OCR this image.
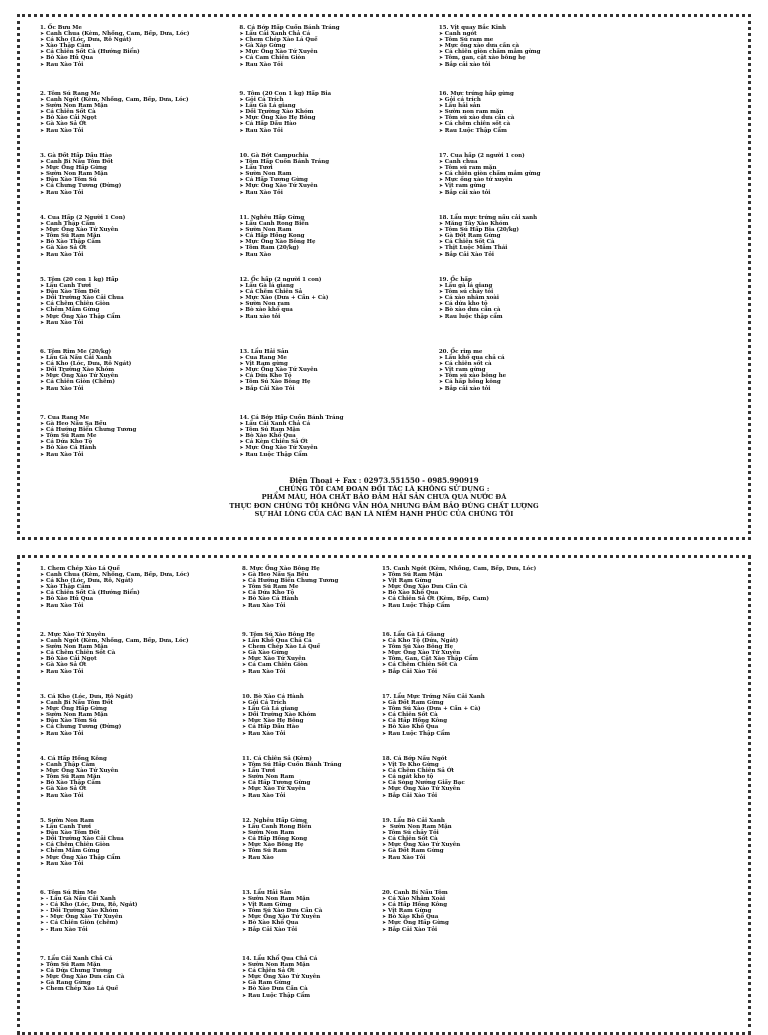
1. Ốc Bưu Me
➤ Canh Chua (Kèm, Nhồng, Cam, Bếp, Dưa, Lóc)
➤ Cá Kho (Lóc, Dưa, Rô Ngát)
➤ Xào Thập Cẩm
➤ Cá Chiên Sốt Cà (Hướng Biển)
➤ Bò Xào Hủ Qua
➤ Rau Xào Tỏi
2. Tôm Sú Rang Me
➤ Canh Ngót (Kèm, Nhồng, Cam, Bếp, Dưa, Lóc)
➤ Sườn Non Ram Mặn
➤ Cá Chiên Sốt Cà
➤ Bò Xào Cải Ngọt
➤ Gà Xào Sả Ớt
➤ Rau Xào Tỏi
3. Gà Đốt Hấp Dầu Hào
➤ Canh Bí Nấu Tôm Đốt
➤ Mực Ống Hấp Gừng
➤ Sườn Non Ram Mặn
➤ Đậu Xào Tôm Sú
➤ Cá Chưng Tương (Đừng)
➤ Rau Xào Tỏi
4. Cua Hấp (2 Người 1 Con)
➤ Canh Thập Cẩm
➤ Mực Ống Xào Tứ Xuyên
➤ Tôm Sú Ram Mặn
➤ Bò Xào Thập Cẩm
➤ Gà Xào Sả Ớt
➤ Rau Xào Tỏi
5. Tôm (20 con 1 kg) Hấp
➤ Lẩu Canh Tươi
➤ Đậu Xào Tôm Đốt
➤ Dồi Trường Xào Cải Chua
➤ Cá Chẽm Chiên Giòn
➤ Chẻm Mắm Gừng
➤ Mực Ống Xào Thập Cẩm
➤ Rau Xào Tỏi
6. Tôm Rim Me (20/kg)
➤ Lẩu Gà Nấu Cải Xanh
➤ Cá Kho (Lóc, Dưa, Rô Ngát)
➤ Dồi Trường Xào Khóm
➤ Mực Ống Xào Tứ Xuyên
➤ Cá Chiên Giòn (Chẽm)
➤ Rau Xào Tỏi
7. Cua Rang Me
➤ Gà Heo Nấu Sa Bếu
➤ Cá Hướng Biển Chưng Tương
➤ Tôm Sú Ram Me
➤ Cá Dứa Kho Tộ
➤ Bò Xào Cá Hành
➤ Rau Xào Tỏi
8. Cá Bớp Hấp Cuốn Bánh Tráng
➤ Lẩu Cải Xanh Chả Cá
➤ Chem Chép Xào Lá Quế
➤ Gà Xào Gừng
➤ Mực Ống Xào Tứ Xuyên
➤ Cá Cam Chiên Giòn
➤ Rau Xào Tỏi
9. Tôm (20 Con 1 kg) Hấp Bia
➤ Gỏi Cá Trích
➤ Lẩu Gà Lá giang
➤ Dồi Trường Xào Khóm
➤ Mực Ống Xào Hẹ Bông
➤ Cá Hấp Dầu Hào
➤ Rau Xào Tỏi
10. Gà Bớt Campuchia
➤ Tôm Hấp Cuốn Bánh Tráng
➤ Lẩu Tươi
➤ Sườn Non Ram
➤ Cá Hấp Tương Gừng
➤ Mực Ống Xào Tứ Xuyên
➤ Rau Xào Tỏi
11. Nghêu Hấp Gừng
➤ Lẩu Canh Rong Biển
➤ Sườn Non Ram
➤ Cá Hấp Hồng Kong
➤ Mực Ống Xào Bông Hẹ
➤ Tôm Ram (20/kg)
➤ Rau Xào
12. Ốc hấp (2 người 1 con)
➤ Lẩu Gà lá giang
➤ Cá Chẽm Chiên Sả
➤ Mực Xào (Dưa + Cần + Cà)
➤ Sườn Non ram
➤ Bò xào khổ qua
➤ Rau xào tỏi
13. Lẩu Hải Sản
➤ Cua Rang Me
➤ Vịt Ram gừng
➤ Mực Ống Xào Tứ Xuyên
➤ Cá Dứa Kho Tộ
➤ Tôm Sú Xào Bông Hẹ
➤ Bắp Cải Xào Tỏi
14. Cá Bớp Hấp Cuốn Bánh Tráng
➤ Lẩu Cải Xanh Chả Cá
➤ Tôm Sú Ram Mặn
➤ Bò Xào Khổ Qua
➤ Cá Kèm Chiên Sả Ớt
➤ Mực Ống Xào Tứ Xuyên
➤ Rau Luộc Thập Cẩm
15. Vịt quay Bắc Kinh
➤ Canh ngót
➤ Tôm Sú ram me
➤ Mực ống xào dưa cần cà
➤ Cá chiên giòn chấm mắm gừng
➤ Tôm, gan, cật xào bông hẹ
➤ Bắp cải xào tỏi
16. Mực trứng hấp gừng
➤ Gỏi cá trích
➤ Lẩu hải sản
➤ Sườn non ram mặn
➤ Tôm sú xào dưa cần cà
➤ Cá chẽm chiên sốt cà
➤ Rau Luộc Thập Cẩm
17. Cua hấp (2 người 1 con)
➤ Canh chua
➤ Tôm sú ram mặn
➤ Cá chiên giòn chấm mắm gừng
➤ Mực ống xào tứ xuyên
➤ Vịt ram gừng
➤ Bắp cải xào tỏi
18. Lẩu mực trứng nấu cải xanh
➤ Măng Tây Xào Khóm
➤ Tôm Sú Hấp Bia (20/kg)
➤ Gà Đốt Ram Gừng
➤ Cá Chiên Sốt Cà
➤ Thịt Luộc Mắm Thái
➤ Bắp Cải Xào Tỏi
19. Ốc hấp
➤ Lẩu gà lá giang
➤ Tôm sú chảy tỏi
➤ Cá xào nhâm xoài
➤ Cá dứa kho tộ
➤ Bò xào dưa cần cà
➤ Rau luộc thập cẩm
20. Ốc rim me
➤ Lẩu khổ qua chả cá
➤ Cá chiên sốt cà
➤ Vịt ram gừng
➤ Tôm sú xào bông he
➤ Cá hấp hồng kông
➤ Bắp cải xào tỏi
Điện Thoại + Fax : 02973.551550 - 0985.990919
CHÚNG TÔI CAM ĐOAN ĐỐI TÁC LÀ KHÔNG SỬ DỤNG :
PHẨM MÀU, HÓA CHẤT BẢO ĐẢM HẢI SẢN CHƯA QUA NƯỚC ĐÁ
THỰC ĐƠN CHÚNG TÔI KHÔNG VẪN HÓA NHƯNG ĐẢM BẢO ĐÚNG CHẤT LƯỢNG
SỰ HÀI LÒNG CỦA CÁC BẠN LÀ NIỀM HẠNH PHÚC CỦA CHÚNG TÔI
1. Chem Chép Xào Lá Quế
➤ Canh Chua (Kèm, Nhồng, Cam, Bếp, Dưa, Lóc)
➤ Cá Kho (Lóc, Dưa, Rô, Ngát)
➤ Xào Thập Cẩm
➤ Cá Chiên Sốt Cà (Hướng Biển)
➤ Bò Xào Hủ Qua
➤ Rau Xào Tỏi
2. Mực Xào Tứ Xuyên
➤ Canh Ngót (Kèm, Nhồng, Cam, Bếp, Dưa, Lóc)
➤ Sườn Non Ram Mặn
➤ Cá Chẽm Chiên Sốt Cà
➤ Bò Xào Cải Ngọt
➤ Gà Xào Sả Ớt
➤ Rau Xào Tỏi
3. Cá Kho (Lóc, Dưa, Rô Ngát)
➤ Canh Bí Nấu Tôm Đốt
➤ Mực Ống Hấp Gừng
➤ Sườn Non Ram Mặn
➤ Đậu Xào Tôm Sú
➤ Cá Chưng Tương (Đừng)
➤ Rau Xào Tỏi
4. Cá Hấp Hồng Kông
➤ Canh Thập Cẩm
➤ Mực Ống Xào Tứ Xuyên
➤ Tôm Sú Ram Mặn
➤ Bò Xào Thập Cẩm
➤ Gà Xào Sả Ớt
➤ Rau Xào Tỏi
5. Sườn Non Ram
➤ Lẩu Canh Tươi
➤ Đậu Xào Tôm Đốt
➤ Dồi Trường Xào Cải Chua
➤ Cá Chẽm Chiên Giòn
➤ Chẻm Mắm Gừng
➤ Mực Ống Xào Thập Cẩm
➤ Rau Xào Tỏi
6. Tôm Sú Rim Me
➤ - Lẩu Gà Nấu Cải Xanh
➤ - Cá Kho (Lóc, Dưa, Rô, Ngát)
➤ - Dồi Trường Xào Khóm
➤ - Mực Ống Xào Tứ Xuyên
➤ - Cá Chiên Giòn (chẽm)
➤ - Rau Xào Tỏi
7. Lẩu Cải Xanh Chả Cá
➤ Tôm Sú Ram Mặn
➤ Cá Dứa Chưng Tương
➤ Mực Ống Xào Dưa cần Cà
➤ Gà Rang Gừng
➤ Chem Chép Xào Lá Quế
8. Mực Ống Xào Bông Hẹ
➤ Gà Heo Nấu Sa Bếu
➤ Cá Hướng Biển Chưng Tương
➤ Tôm Sú Ram Me
➤ Cá Dứa Kho Tộ
➤ Bò Xào Cá Hành
➤ Rau Xào Tỏi
9. Tôm Sú Xào Bông Hẹ
➤ Lẩu Khổ Qua Chả Cá
➤ Chem Chép Xào Lá Quế
➤ Gà Xào Gừng
➤ Mực Xào Tứ Xuyên
➤ Cá Cam Chiên Giòn
➤ Rau Xào Tỏi
10. Bò Xào Cá Hành
➤ Gỏi Cá Trích
➤ Lẩu Gà Lá giang
➤ Dồi Trường Xào Khóm
➤ Mực Xào Hẹ Bông
➤ Cá Hấp Dầu Hào
➤ Rau Xào Tỏi
11. Cá Chiên Sả (Kèm)
➤ Tôm Sú Hấp Cuốn Bánh Tráng
➤ Lẩu Tươi
➤ Sườn Non Ram
➤ Cá Hấp Tương Gừng
➤ Mực Xào Tứ Xuyên
➤ Rau Xào Tỏi
12. Nghêu Hấp Gừng
➤ Lẩu Canh Rong Biển
➤ Sườn Non Ram
➤ Cá Hấp Hồng Kong
➤ Mực Xào Bông Hẹ
➤ Tôm Sú Ram
➤ Rau Xào
13. Lẩu Hải Sản
➤ Sườn Non Ram Mặn
➤ Vịt Ram Gừng
➤ Tôm Sú Xào Dưa Cần Cà
➤ Mực Ống Xào Tứ Xuyên
➤ Bò Xào Khổ Qua
➤ Bắp Cải Xào Tỏi
14. Lẩu Khổ Qua Chả Cá
➤ Sườn Non Ram Mặn
➤ Cá Chiên Sả Ớt
➤ Mực Ống Xào Tứ Xuyên
➤ Gà Ram Gừng
➤ Bò Xào Dưa Cần Cà
➤ Rau Luộc Thập Cẩm
15. Canh Ngót (Kèm, Nhồng, Cam, Bếp, Dưa, Lóc)
➤ Tôm Sú Ram Mặn
➤ Vịt Ram Gừng
➤ Mực Ống Xào Dưa Cần Cà
➤ Bò Xào Khổ Qua
➤ Cá Chiên Sả Ớt (Kèm, Bếp, Cam)
➤ Rau Luộc Thập Cẩm
16. Lẩu Gà Lá Giang
➤ Cá Kho Tộ (Dứa, Ngát)
➤ Tôm Sú Xào Bông Hẹ
➤ Mực Ống Xào Tứ Xuyên
➤ Tôm, Gan, Cật Xào Thập Cẩm
➤ Cá Chẽm Chiên Sốt Cà
➤ Bắp Cải Xào Tỏi
17. Lẩu Mực Trứng Nấu Cải Xanh
➤ Gà Đốt Ram Gừng
➤ Tôm Sú Xào (Dưa + Cần + Cà)
➤ Cá Chiên Sốt Cà
➤ Cá Hấp Hồng Kông
➤ Bò Xào Khổ Qua
➤ Rau Luộc Thập Cẩm
18. Cá Bớp Nấu Ngót
➤ Vịt To Kho Gừng
➤ Cá Chẽm Chiên Sả Ớt
➤ Cá ngát kho tộ
➤ Cá Sòng Nướng Giấy Bạc
➤ Mực Ống Xào Tứ Xuyên
➤ Bắp Cải Xào Tỏi
19. Lẩu Bò Cải Xanh
➤  Sườn Non Ram Mặn
➤ Tôm Sú chảy Tỏi
➤ Cá Chiên Sốt Cà
➤ Mực Ống Xào Tứ Xuyên
➤ Gà Đốt Ram Gừng
➤ Rau Xào Tỏi
20. Canh Bí Nấu Tôm
➤ Cá Xào Nhâm Xoài
➤ Cá Hấp Hồng Kông
➤ Vịt Ram Gừng
➤ Bò Xào Khổ Qua
➤ Mực Ống Hấp Gừng
➤ Bắp Cải Xào Tỏi
